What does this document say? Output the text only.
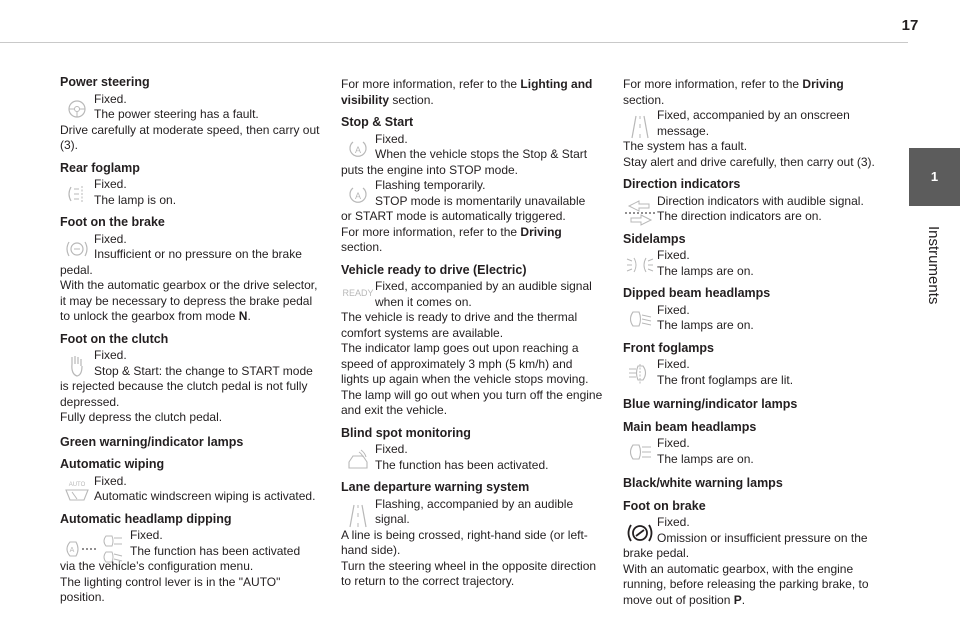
17
1
Instruments
Power steering
Fixed.
The power steering has a fault.
Drive carefully at moderate speed, then carry out (3).
Rear foglamp
Fixed.
The lamp is on.
Foot on the brake
Fixed.
Insufficient or no pressure on the brake
pedal.
With the automatic gearbox or the drive selector, it may be necessary to depress the brake pedal to unlock the gearbox from mode N.
Foot on the clutch
Fixed.
Stop & Start: the change to START mode
is rejected because the clutch pedal is not fully depressed.
Fully depress the clutch pedal.
Green warning/indicator lamps
Automatic wiping
AUTO Fixed.
Automatic windscreen wiping is activated.
Automatic headlamp dipping
A
Fixed.
The function has been activated
via the vehicle’s configuration menu.
The lighting control lever is in the "AUTO" position.
For more information, refer to the Lighting and visibility section.
Stop & Start
A
Fixed.
When the vehicle stops the Stop & Start
puts the engine into STOP mode.
A
Flashing temporarily.
STOP mode is momentarily unavailable
or START mode is automatically triggered.
For more information, refer to the Driving section.
Vehicle ready to drive (Electric)
READY Fixed, accompanied by an audible signal when it comes on.
The vehicle is ready to drive and the thermal comfort systems are available.
The indicator lamp goes out upon reaching a speed of approximately 3 mph (5 km/h) and lights up again when the vehicle stops moving.
The lamp will go out when you turn off the engine and exit the vehicle.
Blind spot monitoring
Fixed.
The function has been activated.
Lane departure warning system
Flashing, accompanied by an audible signal.
A line is being crossed, right-hand side (or left-hand side).
Turn the steering wheel in the opposite direction to return to the correct trajectory.
For more information, refer to the Driving section.
Fixed, accompanied by an onscreen message.
The system has a fault.
Stay alert and drive carefully, then carry out (3).
Direction indicators
Direction indicators with audible signal.
The direction indicators are on.
Sidelamps
Fixed.
The lamps are on.
Dipped beam headlamps
Fixed.
The lamps are on.
Front foglamps
Fixed.
The front foglamps are lit.
Blue warning/indicator lamps
Main beam headlamps
Fixed.
The lamps are on.
Black/white warning lamps
Foot on brake
Fixed.
Omission or insufficient pressure on the
brake pedal.
With an automatic gearbox, with the engine running, before releasing the parking brake, to move out of position P.
